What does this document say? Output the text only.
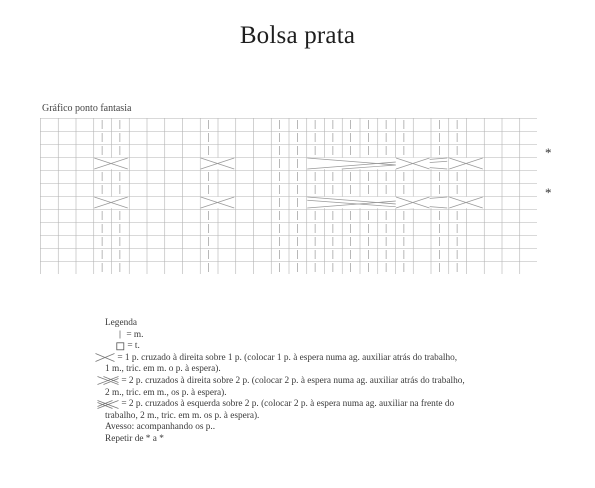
Bolsa prata
Gráfico ponto fantasia
*
*
Legenda
= m.
= t.
= 1 p. cruzado à direita sobre 1 p. (colocar 1 p. à espera numa ag. auxiliar atrás do trabalho,
1 m., tric. em m. o p. à espera).
= 2 p. cruzados à direita sobre 2 p. (colocar 2 p. à espera numa ag. auxiliar atrás do trabalho,
2 m., tric. em m., os p. à espera).
= 2 p. cruzados à esquerda sobre 2 p. (colocar 2 p. à espera numa ag. auxiliar na frente do
trabalho, 2 m., tric. em m. os p. à espera).
Avesso: acompanhando os p..
Repetir de * a *
